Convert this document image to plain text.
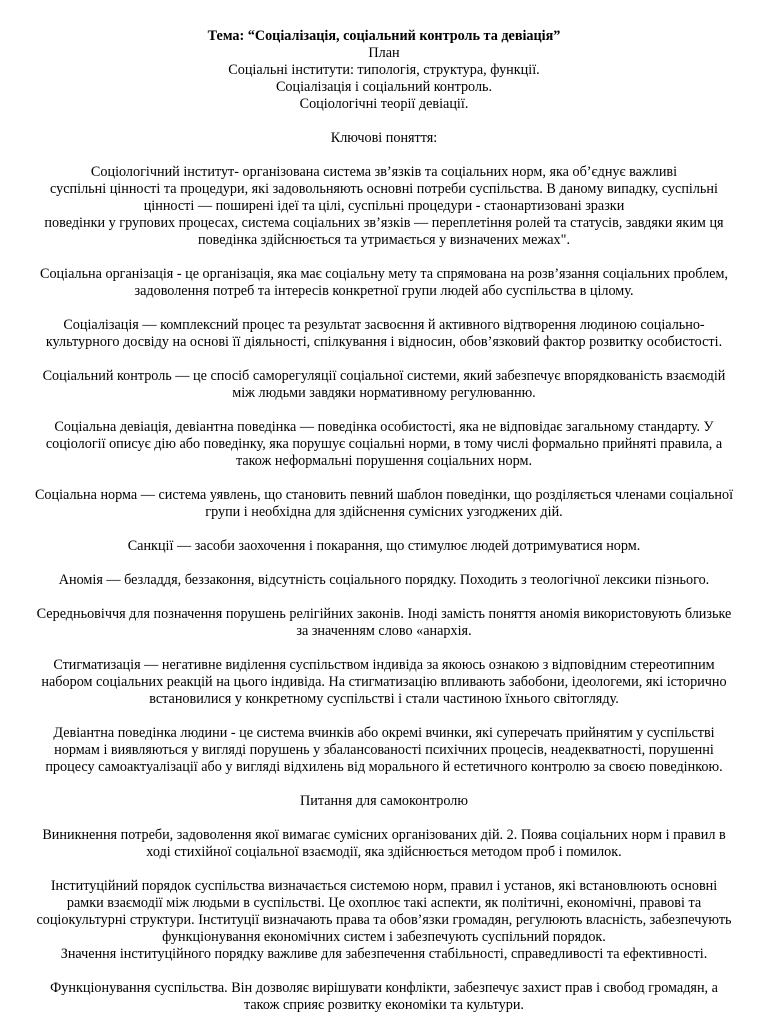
Тема: “Соціалізація, соціальний контроль та девіація”
План
Соціальні інститути: типологія, структура, функції.
Соціалізація і соціальний контроль.
Соціологічні теорії девіації.
Ключові поняття:
Соціологічний інститут- організована система зв’язків та соціальних норм, яка об’єднує важливі
суспільні цінності та процедури, які задовольняють основні потреби суспільства. В даному випадку, суспільні
цінності — поширені ідеї та цілі, суспільні процедури - стаонартизовані зразки
поведінки у групових процесах, система соціальних зв’язків — переплетіння ролей та статусів, завдяки яким ця
поведінка здійснюється та утримається у визначених межах".
Соціальна організація - це організація, яка має соціальну мету та спрямована на розв’язання соціальних проблем,
задоволення потреб та інтересів конкретної групи людей або суспільства в цілому.
Соціалізація — комплексний процес та результат засвоєння й активного відтворення людиною соціально-
культурного досвіду на основі її діяльності, спілкування і відносин, обов’язковий фактор розвитку особистості.
Соціальний контроль — це спосіб саморегуляції соціальної системи, який забезпечує впорядкованість взаємодій
між людьми завдяки нормативному регулюванню.
Соціальна девіація, девіантна поведінка — поведінка особистості, яка не відповідає загальному стандарту. У
соціології описує дію або поведінку, яка порушує соціальні норми, в тому числі формально прийняті правила, а
також неформальні порушення соціальних норм.
Соціальна норма — система уявлень, що становить певний шаблон поведінки, що розділяється членами соціальної
групи і необхідна для здійснення сумісних узгоджених дій.
Санкції — засоби заохочення і покарання, що стимулює людей дотримуватися норм.
Аномія — безладдя, беззаконня, відсутність соціального порядку. Походить з теологічної лексики пізнього.
Середньовіччя для позначення порушень релігійних законів. Іноді замість поняття аномія використовують близьке
за значенням слово «анархія.
Стигматизація — негативне виділення суспільством індивіда за якоюсь ознакою з відповідним стереотипним
набором соціальних реакцій на цього індивіда. На стигматизацію впливають забобони, ідеологеми, які історично
встановилися у конкретному суспільстві і стали частиною їхнього світогляду.
Девіантна поведінка людини - це система вчинків або окремі вчинки, які суперечать прийнятим у суспільстві
нормам і виявляються у вигляді порушень у збалансованості психічних процесів, неадекватності, порушенні
процесу самоактуалізації або у вигляді відхилень від морального й естетичного контролю за своєю поведінкою.
Питання для самоконтролю
Виникнення потреби, задоволення якої вимагає сумісних організованих дій. 2. Поява соціальних норм і правил в
ході стихійної соціальної взаємодії, яка здійснюється методом проб і помилок.
Інституційний порядок суспільства визначається системою норм, правил і установ, які встановлюють основні
рамки взаємодії між людьми в суспільстві. Це охоплює такі аспекти, як політичні, економічні, правові та
соціокультурні структури. Інституції визначають права та обов’язки громадян, регулюють власність, забезпечують
функціонування економічних систем і забезпечують суспільний порядок.
Значення інституційного порядку важливе для забезпечення стабільності, справедливості та ефективності.
Функціонування суспільства. Він дозволяє вирішувати конфлікти, забезпечує захист прав і свобод громадян, а
також сприяє розвитку економіки та культури.
